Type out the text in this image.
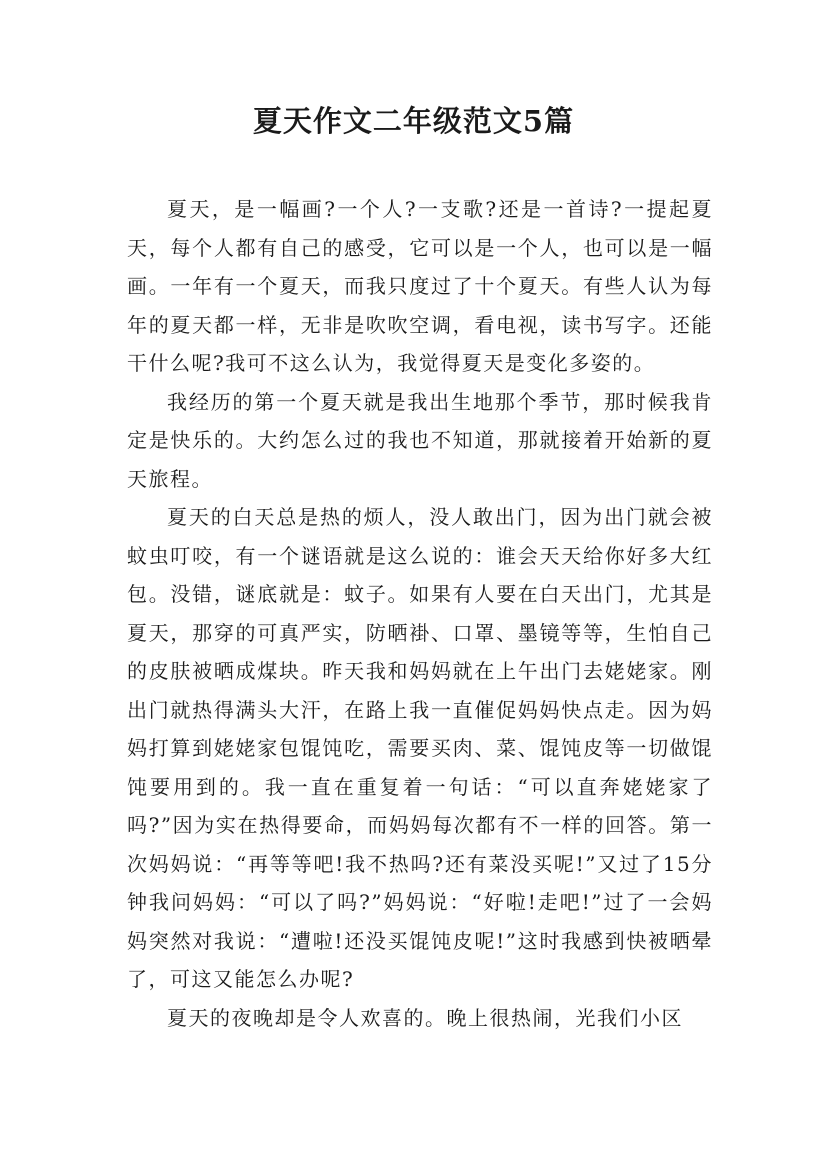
夏天作文二年级范文5篇

夏天，是一幅画?一个人?一支歌?还是一首诗?一提起夏天，每个人都有自己的感受，它可以是一个人，也可以是一幅画。一年有一个夏天，而我只度过了十个夏天。有些人认为每年的夏天都一样，无非是吹吹空调，看电视，读书写字。还能干什么呢?我可不这么认为，我觉得夏天是变化多姿的。

我经历的第一个夏天就是我出生地那个季节，那时候我肯定是快乐的。大约怎么过的我也不知道，那就接着开始新的夏天旅程。

夏天的白天总是热的烦人，没人敢出门，因为出门就会被蚊虫叮咬，有一个谜语就是这么说的：谁会天天给你好多大红包。没错，谜底就是：蚊子。如果有人要在白天出门，尤其是夏天，那穿的可真严实，防晒褂、口罩、墨镜等等，生怕自己的皮肤被晒成煤块。昨天我和妈妈就在上午出门去姥姥家。刚出门就热得满头大汗，在路上我一直催促妈妈快点走。因为妈妈打算到姥姥家包馄饨吃，需要买肉、菜、馄饨皮等一切做馄饨要用到的。我一直在重复着一句话：“可以直奔姥姥家了吗?”因为实在热得要命，而妈妈每次都有不一样的回答。第一次妈妈说：“再等等吧!我不热吗?还有菜没买呢!”又过了15分钟我问妈妈：“可以了吗?”妈妈说：“好啦!走吧!”过了一会妈妈突然对我说：“遭啦!还没买馄饨皮呢!”这时我感到快被晒晕了，可这又能怎么办呢?

夏天的夜晚却是令人欢喜的。晚上很热闹，光我们小区
